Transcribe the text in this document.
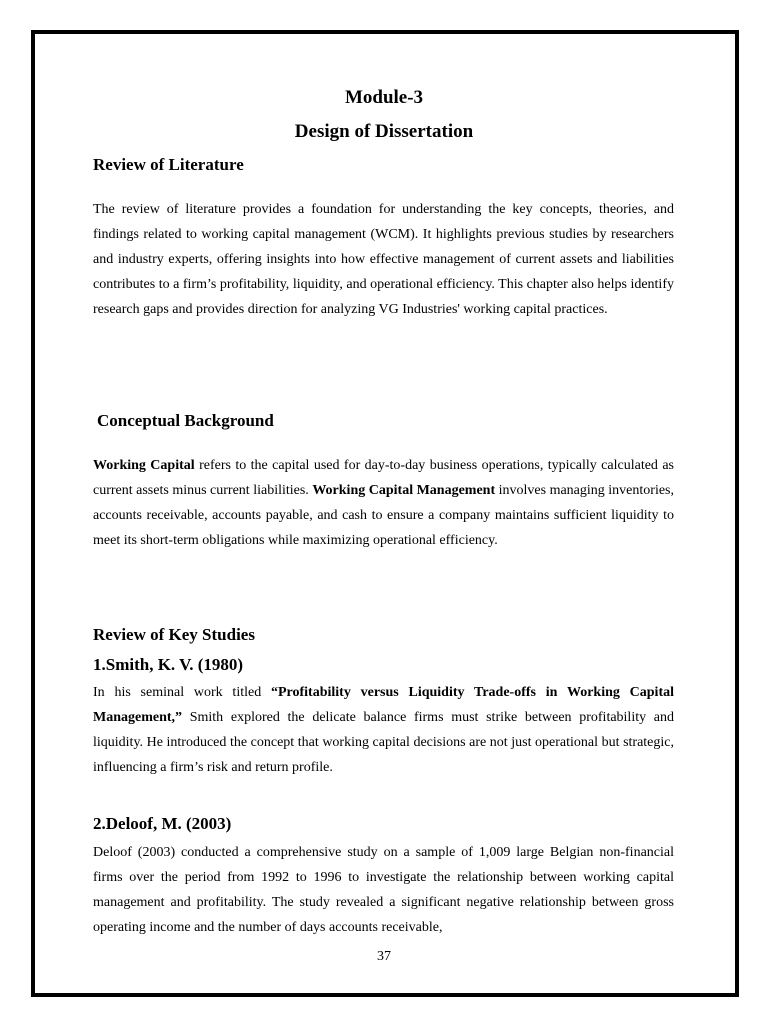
Module-3
Design of Dissertation
Review of Literature

The review of literature provides a foundation for understanding the key concepts, theories, and findings related to working capital management (WCM). It highlights previous studies by researchers and industry experts, offering insights into how effective management of current assets and liabilities contributes to a firm’s profitability, liquidity, and operational efficiency. This chapter also helps identify research gaps and provides direction for analyzing VG Industries' working capital practices.

Conceptual Background

Working Capital refers to the capital used for day-to-day business operations, typically calculated as current assets minus current liabilities. Working Capital Management involves managing inventories, accounts receivable, accounts payable, and cash to ensure a company maintains sufficient liquidity to meet its short-term obligations while maximizing operational efficiency.

Review of Key Studies
1.Smith, K. V. (1980)

In his seminal work titled “Profitability versus Liquidity Trade-offs in Working Capital Management,” Smith explored the delicate balance firms must strike between profitability and liquidity. He introduced the concept that working capital decisions are not just operational but strategic, influencing a firm’s risk and return profile.

2.Deloof, M. (2003)

Deloof (2003) conducted a comprehensive study on a sample of 1,009 large Belgian non-financial firms over the period from 1992 to 1996 to investigate the relationship between working capital management and profitability. The study revealed a significant negative relationship between gross operating income and the number of days accounts receivable,

37
